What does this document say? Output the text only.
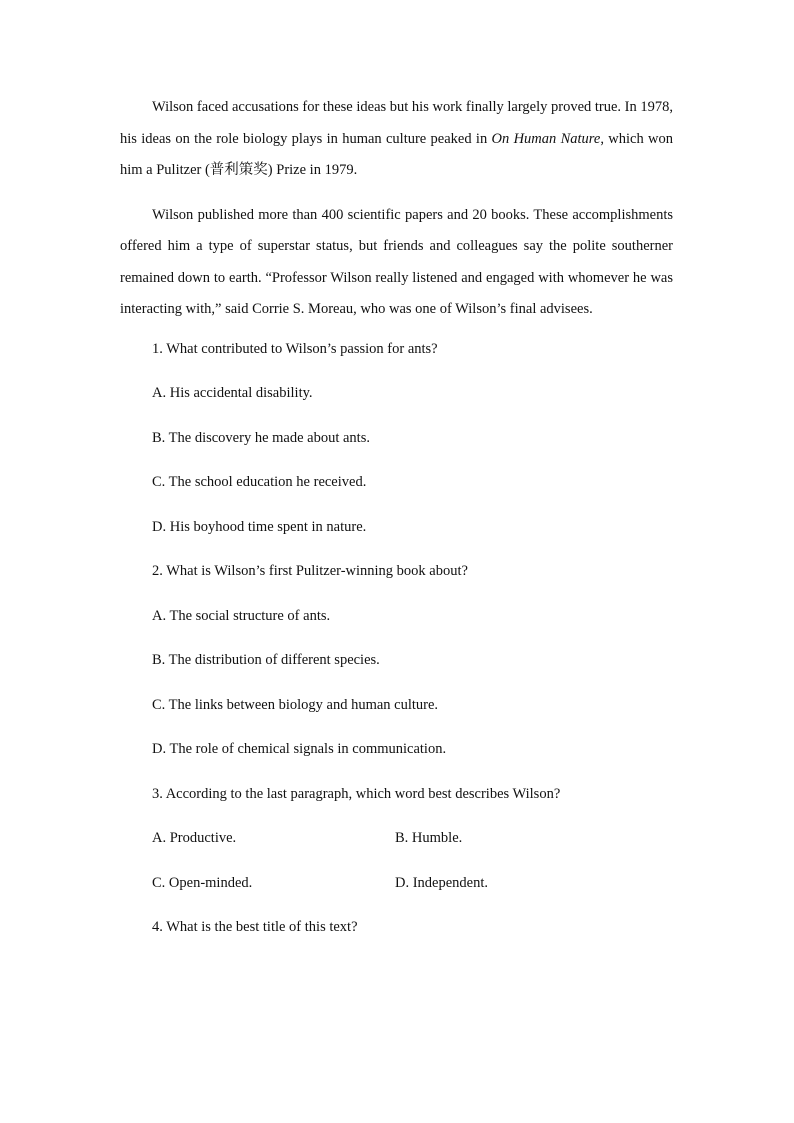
Wilson faced accusations for these ideas but his work finally largely proved true. In 1978, his ideas on the role biology plays in human culture peaked in On Human Nature, which won him a Pulitzer (普利策奖) Prize in 1979.

Wilson published more than 400 scientific papers and 20 books. These accomplishments offered him a type of superstar status, but friends and colleagues say the polite southerner remained down to earth. “Professor Wilson really listened and engaged with whomever he was interacting with,” said Corrie S. Moreau, who was one of Wilson’s final advisees.

1. What contributed to Wilson’s passion for ants?
A. His accidental disability.
B. The discovery he made about ants.
C. The school education he received.
D. His boyhood time spent in nature.
2. What is Wilson’s first Pulitzer-winning book about?
A. The social structure of ants.
B. The distribution of different species.
C. The links between biology and human culture.
D. The role of chemical signals in communication.
3. According to the last paragraph, which word best describes Wilson?
A. Productive.	B. Humble.
C. Open-minded.	D. Independent.
4. What is the best title of this text?
